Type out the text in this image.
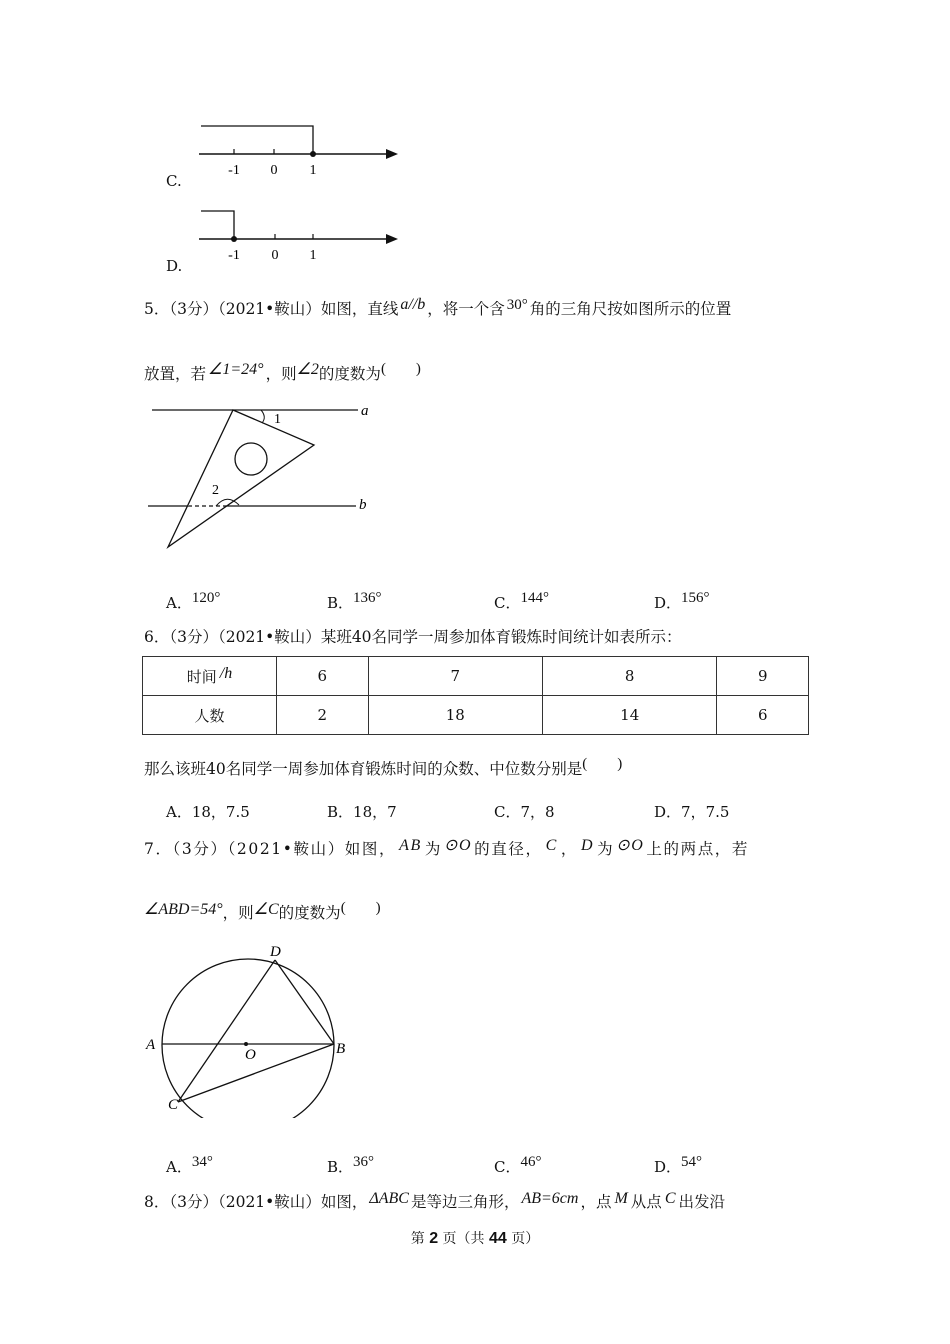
-1 0 1
C.
-1 0 1
D.
5．（3分）（2021•鞍山）如图，直线 a//b ，将一个含 30° 角的三角尺按如图所示的位置
放置，若 ∠1=24° ，则∠2的度数为(        )
a
b
1
2
A．120°	B．136°	C．144°	D．156°
6．（3分）（2021•鞍山）某班40名同学一周参加体育锻炼时间统计如表所示：
时间 /h	6	7	8	9
人数	2	18	14	6
那么该班40名同学一周参加体育锻炼时间的众数、中位数分别是(        )
A．18，7.5	B．18，7	C．7，8	D．7，7.5
7．（3分）（2021•鞍山）如图， AB 为 ⊙O 的直径， C ， D 为 ⊙O 上的两点，若
∠ABD=54°，则∠C的度数为(        )
A	B
C
D
O
A．34°	B．36°	C．46°	D．54°
8．（3分）（2021•鞍山）如图， ΔABC 是等边三角形， AB=6cm ，点 M 从点 C 出发沿
第 2 页（共 44 页）
